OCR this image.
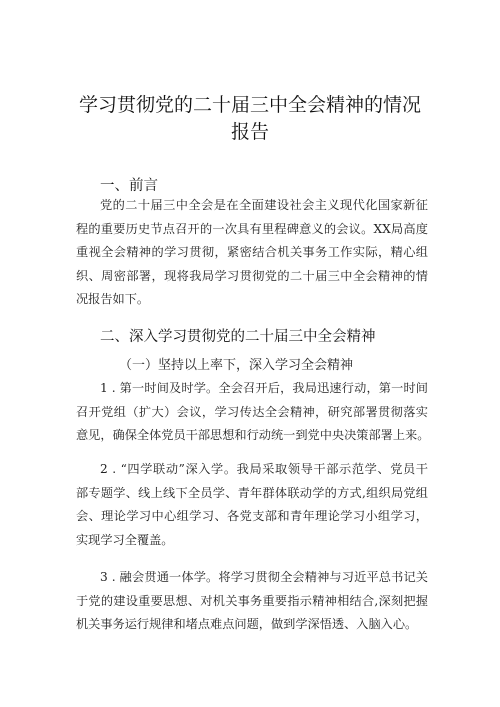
学习贯彻党的二十届三中全会精神的情况
报告
一、前言
党的二十届三中全会是在全面建设社会主义现代化国家新征
程的重要历史节点召开的一次具有里程碑意义的会议。XX局高度
重视全会精神的学习贯彻，紧密结合机关事务工作实际，精心组
织、周密部署，现将我局学习贯彻党的二十届三中全会精神的情
况报告如下。
二、深入学习贯彻党的二十届三中全会精神
（一）坚持以上率下，深入学习全会精神
1 . 第一时间及时学。全会召开后，我局迅速行动，第一时间
召开党组（扩大）会议，学习传达全会精神，研究部署贯彻落实
意见，确保全体党员干部思想和行动统一到党中央决策部署上来。
2 . “四学联动”深入学。我局采取领导干部示范学、党员干
部专题学、线上线下全员学、青年群体联动学的方式,组织局党组
会、理论学习中心组学习、各党支部和青年理论学习小组学习，
实现学习全覆盖。
3 . 融会贯通一体学。将学习贯彻全会精神与习近平总书记关
于党的建设重要思想、对机关事务重要指示精神相结合,深刻把握
机关事务运行规律和堵点难点问题，做到学深悟透、入脑入心。
